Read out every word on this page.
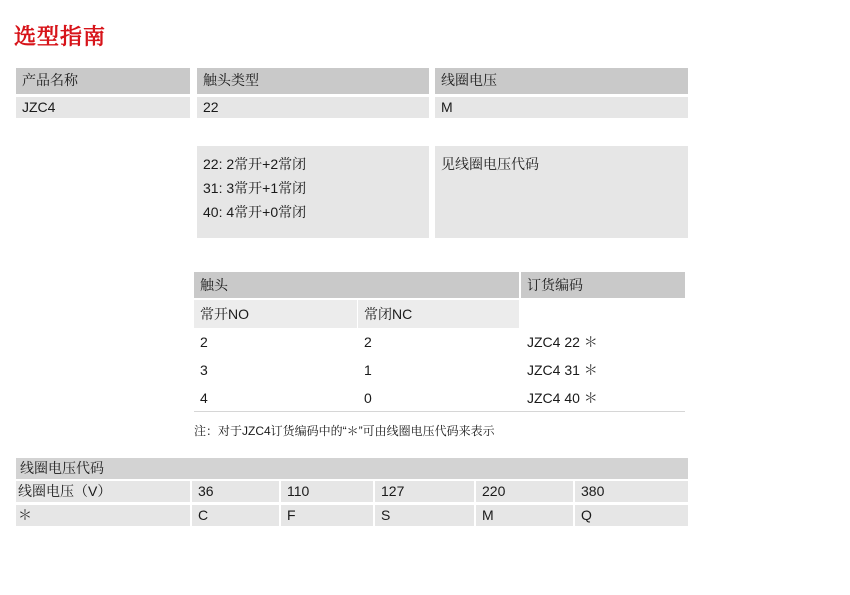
选型指南
产品名称	触头类型	线圈电压
JZC4	22	M
22: 2常开+2常闭
31: 3常开+1常闭
40: 4常开+0常闭
见线圈电压代码
触头	订货编码
常开NO	常闭NC
2	2	JZC4 22 ＊
3	1	JZC4 31 ＊
4	0	JZC4 40 ＊
注：对于JZC4订货编码中的“＊”可由线圈电压代码来表示
线圈电压代码
线圈电压（V）	36	110	127	220	380
＊	C	F	S	M	Q
